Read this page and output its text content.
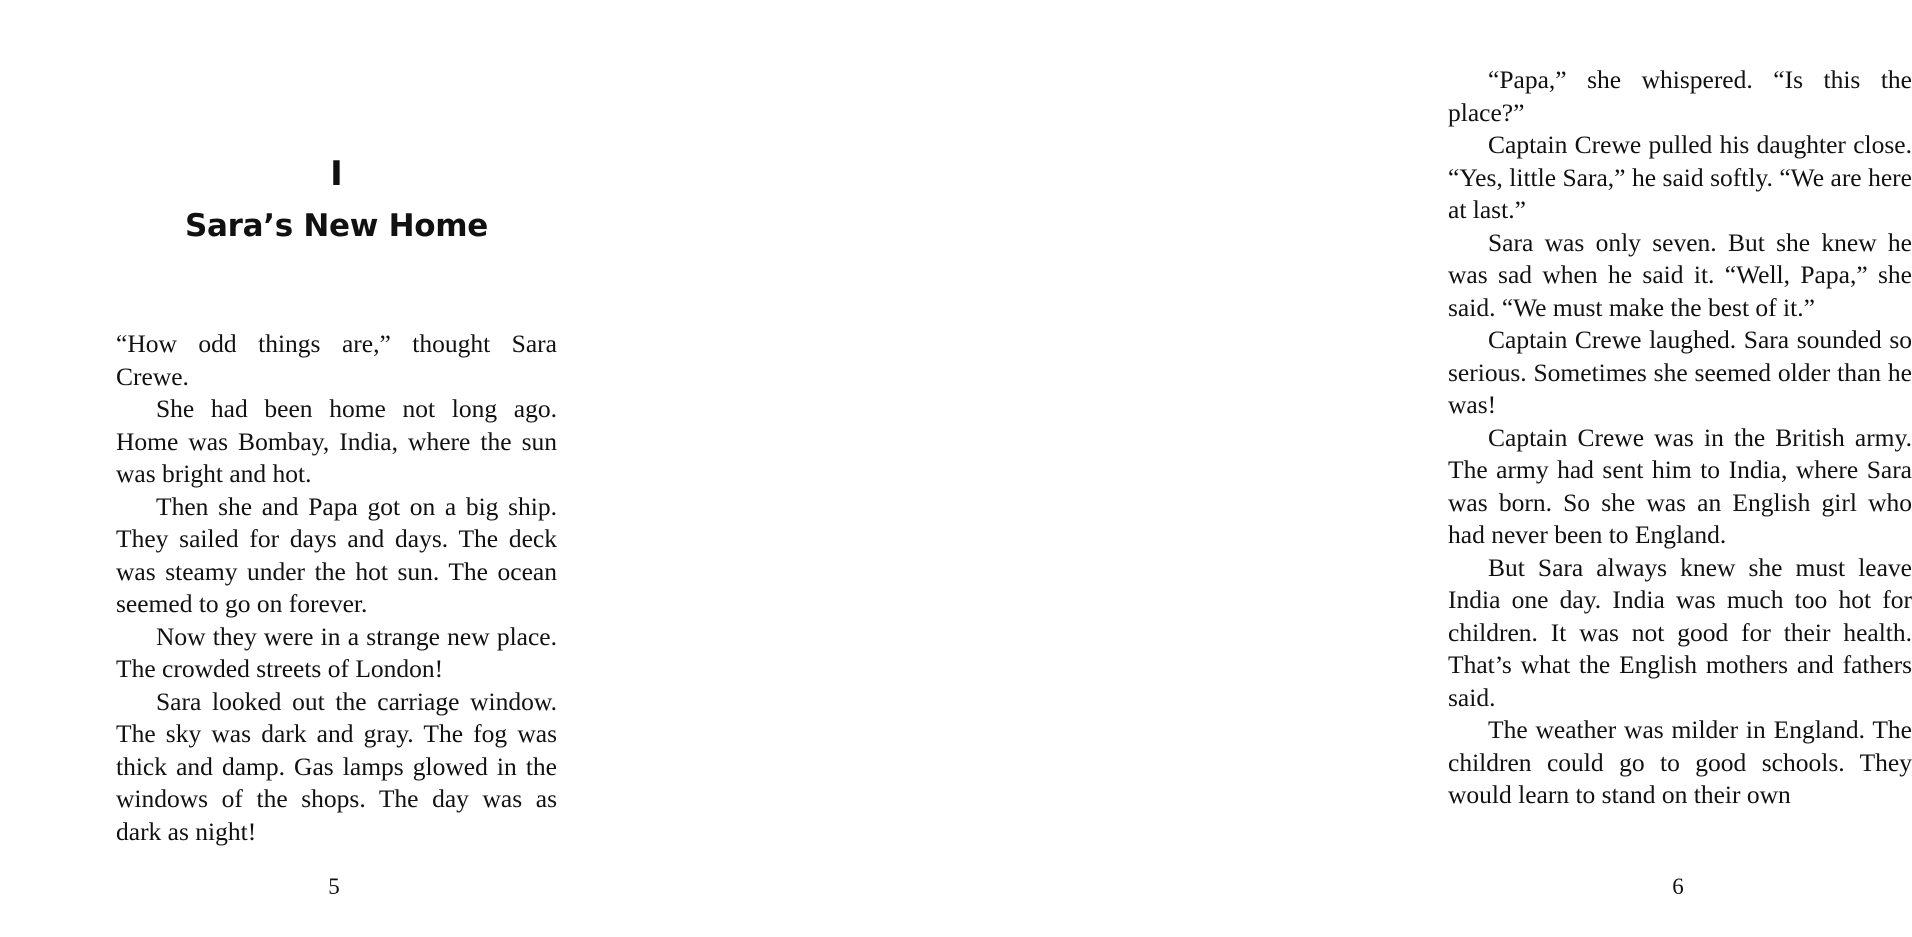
I
Sara’s New Home

“How odd things are,” thought Sara Crewe.

She had been home not long ago. Home was Bombay, India, where the sun was bright and hot.

Then she and Papa got on a big ship. They sailed for days and days. The deck was steamy under the hot sun. The ocean seemed to go on forever.

Now they were in a strange new place. The crowded streets of London!

Sara looked out the carriage window. The sky was dark and gray. The fog was thick and damp. Gas lamps glowed in the windows of the shops. The day was as dark as night!

5

“Papa,” she whispered. “Is this the place?”

Captain Crewe pulled his daughter close. “Yes, little Sara,” he said softly. “We are here at last.”

Sara was only seven. But she knew he was sad when he said it. “Well, Papa,” she said. “We must make the best of it.”

Captain Crewe laughed. Sara sounded so serious. Sometimes she seemed older than he was!

Captain Crewe was in the British army. The army had sent him to India, where Sara was born. So she was an English girl who had never been to England.

But Sara always knew she must leave India one day. India was much too hot for children. It was not good for their health. That’s what the English mothers and fathers said.

The weather was milder in England. The children could go to good schools. They would learn to stand on their own

6
